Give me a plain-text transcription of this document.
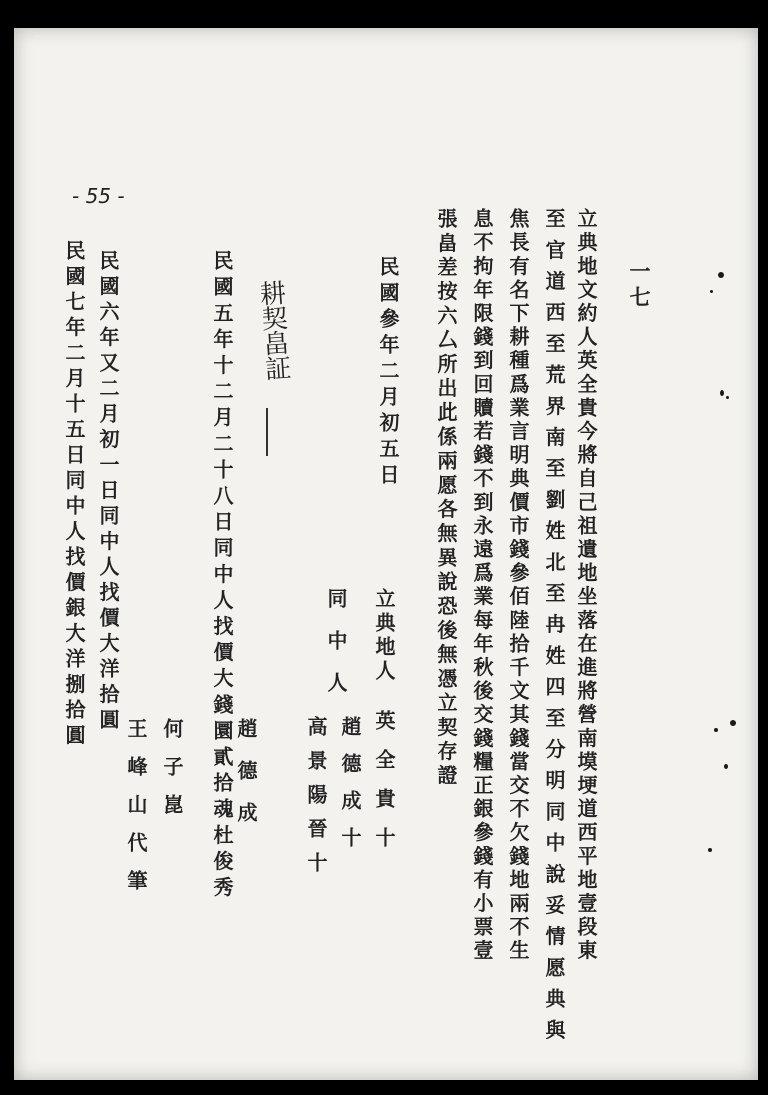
一七
立典地文約人英全貴今將自己祖遺地坐落在進將營南塻埂道西平地壹段東
至官道西至荒界南至劉姓北至冉姓四至分明同中說妥情愿典與
焦長有名下耕種爲業言明典價市錢參佰陸拾千文其錢當交不欠錢地兩不生
息不拘年限錢到回贖若錢不到永遠爲業每年秋後交錢糧正銀參錢有小票壹
張畠差按六厶所出此係兩愿各無異說恐後無憑立契存證
民國參年二月初五日
立典地人
英全貴十
同中人
趙德成十
高景陽晉十
耕契畠証
民國五年十二月二十八日同中人找價大錢圜貳拾魂杜俊秀 趙德成
何子崑
王峰山代筆
- 55 -
民國六年又二月初一日同中人找價大洋拾圓
民國七年二月十五日同中人找價銀大洋捌拾圓
